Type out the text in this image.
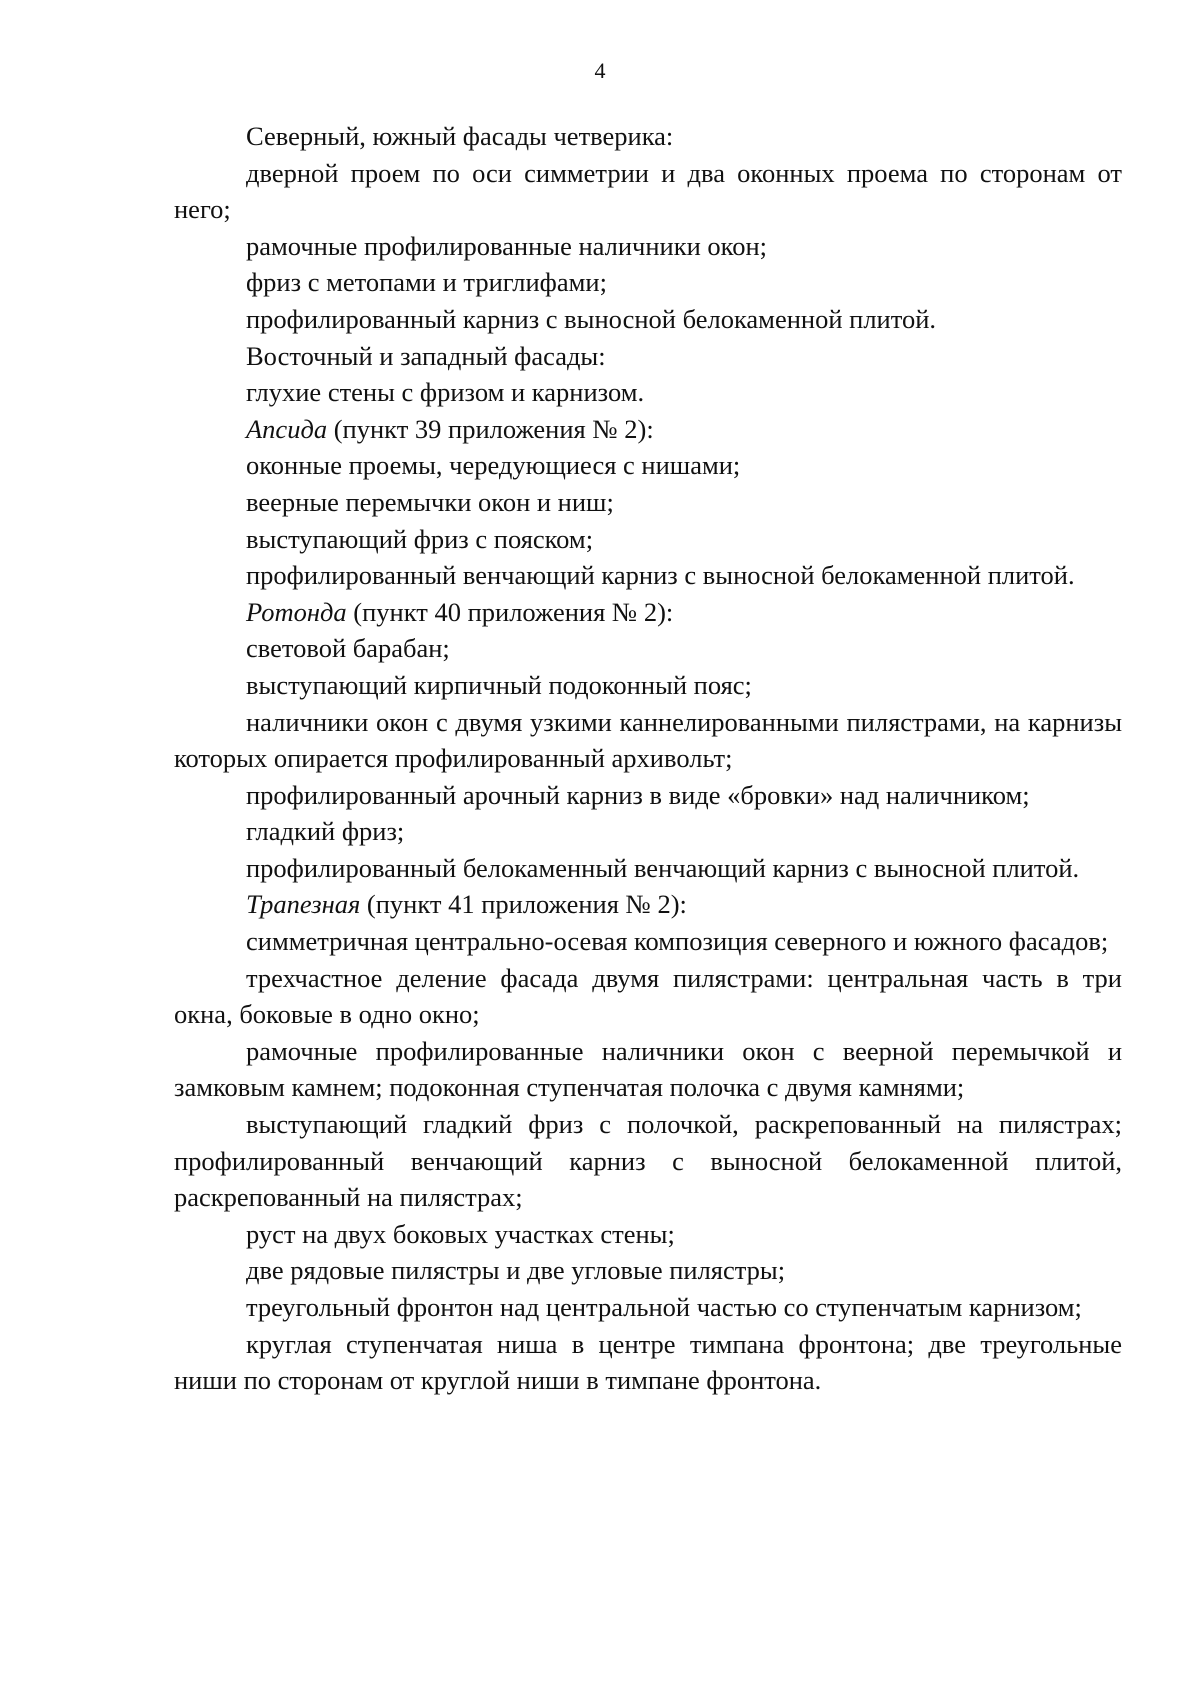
4

Северный, южный фасады четверика:

дверной проем по оси симметрии и два оконных проема по сторонам от него;

рамочные профилированные наличники окон;

фриз с метопами и триглифами;

профилированный карниз с выносной белокаменной плитой.

Восточный и западный фасады:

глухие стены с фризом и карнизом.

Апсида (пункт 39 приложения № 2):

оконные проемы, чередующиеся с нишами;

веерные перемычки окон и ниш;

выступающий фриз с пояском;

профилированный венчающий карниз с выносной белокаменной плитой.

Ротонда (пункт 40 приложения № 2):

световой барабан;

выступающий кирпичный подоконный пояс;

наличники окон с двумя узкими каннелированными пилястрами, на карнизы которых опирается профилированный архивольт;

профилированный арочный карниз в виде «бровки» над наличником;

гладкий фриз;

профилированный белокаменный венчающий карниз с выносной плитой.

Трапезная (пункт 41 приложения № 2):

симметричная центрально-осевая композиция северного и южного фасадов;

трехчастное деление фасада двумя пилястрами: центральная часть в три окна, боковые в одно окно;

рамочные профилированные наличники окон с веерной перемычкой и замковым камнем; подоконная ступенчатая полочка с двумя камнями;

выступающий гладкий фриз с полочкой, раскрепованный на пилястрах; профилированный венчающий карниз с выносной белокаменной плитой, раскрепованный на пилястрах;

руст на двух боковых участках стены;

две рядовые пилястры и две угловые пилястры;

треугольный фронтон над центральной частью со ступенчатым карнизом;

круглая ступенчатая ниша в центре тимпана фронтона; две треугольные ниши по сторонам от круглой ниши в тимпане фронтона.
